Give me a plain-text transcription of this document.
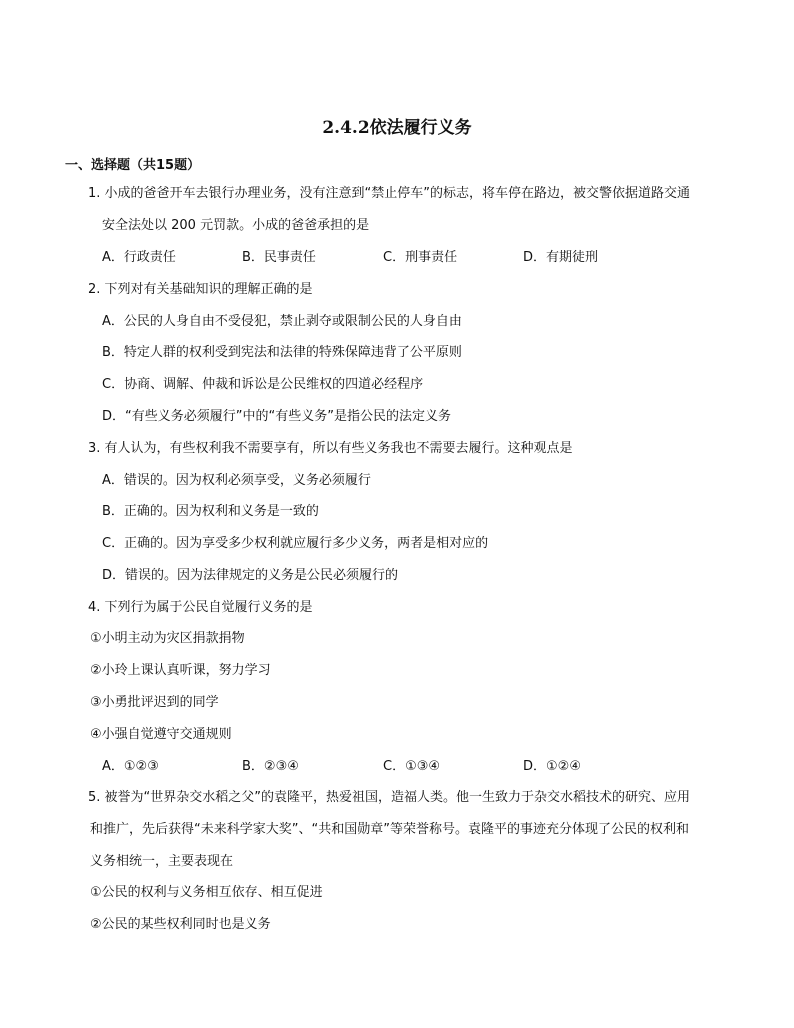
2.4.2依法履行义务
一、选择题（共15题）
1. 小成的爸爸开车去银行办理业务，没有注意到“禁止停车”的标志，将车停在路边，被交警依据道路交通
安全法处以 200 元罚款。小成的爸爸承担的是
A．行政责任	B．民事责任	C．刑事责任	D．有期徒刑
2. 下列对有关基础知识的理解正确的是
A．公民的人身自由不受侵犯，禁止剥夺或限制公民的人身自由
B．特定人群的权利受到宪法和法律的特殊保障违背了公平原则
C．协商、调解、仲裁和诉讼是公民维权的四道必经程序
D．“有些义务必须履行”中的“有些义务”是指公民的法定义务
3. 有人认为，有些权利我不需要享有，所以有些义务我也不需要去履行。这种观点是
A．错误的。因为权利必须享受，义务必须履行
B．正确的。因为权利和义务是一致的
C．正确的。因为享受多少权利就应履行多少义务，两者是相对应的
D．错误的。因为法律规定的义务是公民必须履行的
4. 下列行为属于公民自觉履行义务的是
①小明主动为灾区捐款捐物
②小玲上课认真听课，努力学习
③小勇批评迟到的同学
④小强自觉遵守交通规则
A．①②③	B．②③④	C．①③④	D．①②④
5. 被誉为“世界杂交水稻之父”的袁隆平，热爱祖国，造福人类。他一生致力于杂交水稻技术的研究、应用
和推广，先后获得“未来科学家大奖”、“共和国勋章”等荣誉称号。袁隆平的事迹充分体现了公民的权利和
义务相统一，主要表现在
①公民的权利与义务相互依存、相互促进
②公民的某些权利同时也是义务
